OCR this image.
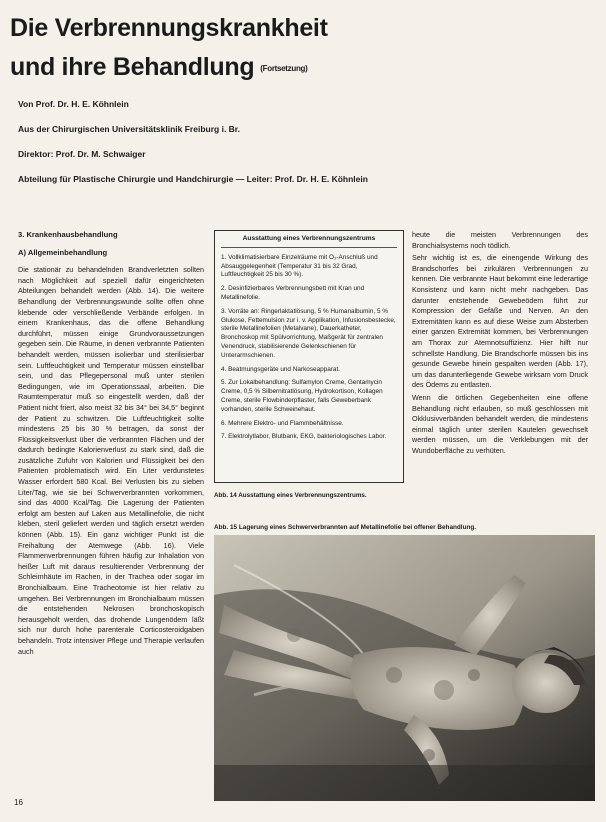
Die Verbrennungskrankheit
und ihre Behandlung (Fortsetzung)
Von Prof. Dr. H. E. Köhnlein
Aus der Chirurgischen Universitätsklinik Freiburg i. Br.
Direktor: Prof. Dr. M. Schwaiger
Abteilung für Plastische Chirurgie und Handchirurgie — Leiter: Prof. Dr. H. E. Köhnlein
3. Krankenhausbehandlung
A) Allgemeinbehandlung

Die stationär zu behandelnden Brandverletzten sollten nach Möglichkeit auf speziell dafür eingerichteten Abteilungen behandelt werden (Abb. 14). Die weitere Behandlung der Verbrennungswunde sollte offen ohne klebende oder verschließende Verbände erfolgen. In einem Krankenhaus, das die offene Behandlung durchführt, müssen einige Grundvoraussetzungen gegeben sein. Die Räume, in denen verbrannte Patienten behandelt werden, müssen isolierbar und sterilisierbar sein. Luftfeuchtigkeit und Temperatur müssen einstellbar sein, und das Pflegepersonal muß unter sterilen Bedingungen, wie im Operationssaal, arbeiten. Die Raumtemperatur muß so eingestellt werden, daß der Patient nicht friert, also meist 32 bis 34° bei 34,5° beginnt der Patient zu schwitzen. Die Luftfeuchtigkeit sollte mindestens 25 bis 30 % betragen, da sonst der Flüssigkeitsverlust über die verbrannten Flächen und der dadurch bedingte Kalorienverlust zu stark sind, daß die zusätzliche Zufuhr von Kalorien und Flüssigkeit bei den Patienten problematisch wird. Ein Liter verdunstetes Wasser erfordert 580 Kcal. Bei Verlusten bis zu sieben Liter/Tag, wie sie bei Schwerverbrannten vorkommen, sind das 4000 Kcal/Tag. Die Lagerung der Patienten erfolgt am besten auf Laken aus Metallinefolie, die nicht kleben, steril geliefert werden und täglich ersetzt werden können (Abb. 15). Ein ganz wichtiger Punkt ist die Freihaltung der Atemwege (Abb. 16). Viele Flammenverbrennungen führen häufig zur Inhalation von heißer Luft mit daraus resultierender Verbrennung der Schleimhäute im Rachen, in der Trachea oder sogar im Bronchialbaum. Eine Tracheotomie ist hier relativ zu umgehen. Bei Verbrennungen im Bronchialbaum müssen die entstehenden Nekrosen bronchoskopisch herausgeholt werden, das drohende Lungenödem läßt sich nur durch hohe parenterale Corticosteroidgaben behandeln. Trotz intensiver Pflege und Therapie verlaufen auch

Ausstattung eines Verbrennungszentrums
1. Vollklimatisierbare Einzelräume mit O₂-Anschluß und Absauggelegenheit (Temperatur 31 bis 32 Grad, Luftfeuchtigkeit 25 bis 30 %).
2. Desinfizierbares Verbrennungsbett mit Kran und Metallinefolie.
3. Vorräte an: Ringerlaktatlösung, 5 % Humanalbumin, 5 % Glukose, Fettemulsion zur i. v. Applikation, Infusionsbestecke, sterile Metallinefolien (Metalvane), Dauerkatheter, Bronchoskop mit Spülvorrichtung, Maßgerät für zentralen Venendruck, stabilisierende Gelenkschienen für Unterarmschienen.
4. Beatmungsgeräte und Narkoseapparat.
5. Zur Lokalbehandlung: Sulfamylon Creme, Gentamycin Creme, 0,5 % Silbernitratlösung, Hydrokortison, Kollagen Creme, sterile Flowbinderpflaster, falls Geweberbank vorhanden, sterile Schweinehaut.
6. Mehrere Elektro- und Flammbehältnisse.
7. Elektrolytlabor, Blutbank, EKG, bakteriologisches Labor.
Abb. 14 Ausstattung eines Verbrennungszentrums.

heute die meisten Verbrennungen des Bronchialsystems noch tödlich.

Sehr wichtig ist es, die einengende Wirkung des Brandschorfes bei zirkulären Verbrennungen zu kennen. Die verbrannte Haut bekommt eine lederartige Konsistenz und kann nicht mehr nachgeben. Das darunter entstehende Gewebeödem führt zur Kompression der Gefäße und Nerven. An den Extremitäten kann es auf diese Weise zum Absterben einer ganzen Extremität kommen, bei Verbrennungen am Thorax zur Atemnotsuffizienz. Hier hilft nur schnellste Handlung. Die Brandschorfe müssen bis ins gesunde Gewebe hinein gespalten werden (Abb. 17), um das darunterliegende Gewebe wirksam vom Druck des Ödems zu entlasten.

Wenn die örtlichen Gegebenheiten eine offene Behandlung nicht erlauben, so muß geschlossen mit Okklusivverbänden behandelt werden, die mindestens einmal täglich unter sterilen Kautelen gewechselt werden müssen, um die Verklebungen mit der Wundoberfläche zu verhüten.

Abb. 15 Lagerung eines Schwerverbrannten auf Metallinefolie bei offener Behandlung.
16
